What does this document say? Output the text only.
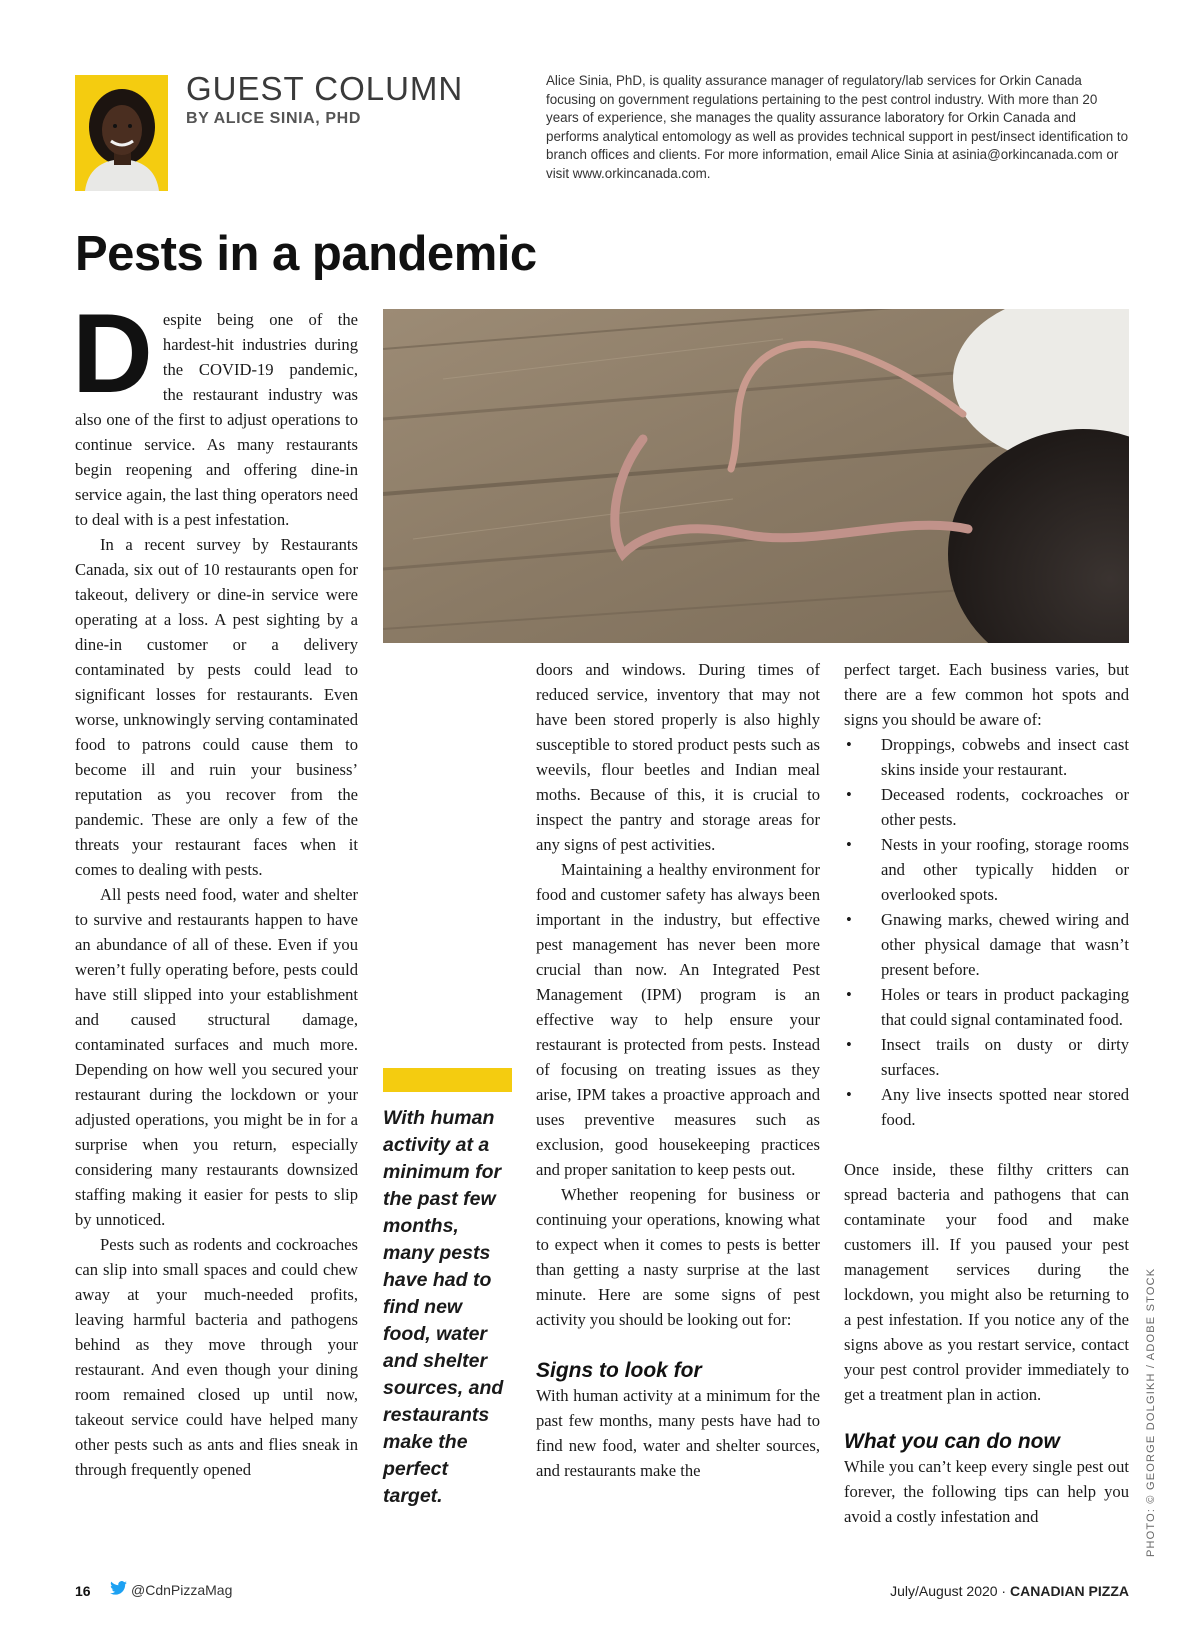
GUEST COLUMN
BY ALICE SINIA, PHD
Alice Sinia, PhD, is quality assurance manager of regulatory/lab services for Orkin Canada focusing on government regulations pertaining to the pest control industry. With more than 20 years of experience, she manages the quality assurance laboratory for Orkin Canada and performs analytical entomology as well as provides technical support in pest/insect identification to branch offices and clients. For more information, email Alice Sinia at asinia@orkincanada.com or visit www.orkincanada.com.
Pests in a pandemic

Despite being one of the hardest-hit industries during the COVID-19 pandemic, the restaurant industry was also one of the first to adjust operations to continue service. As many restaurants begin reopening and offering dine-in service again, the last thing operators need to deal with is a pest infestation.

In a recent survey by Restaurants Canada, six out of 10 restaurants open for takeout, delivery or dine-in service were operating at a loss. A pest sighting by a dine-in customer or a delivery contaminated by pests could lead to significant losses for restaurants. Even worse, unknowingly serving contaminated food to patrons could cause them to become ill and ruin your business’ reputation as you recover from the pandemic. These are only a few of the threats your restaurant faces when it comes to dealing with pests.

All pests need food, water and shelter to survive and restaurants happen to have an abundance of all of these. Even if you weren’t fully operating before, pests could have still slipped into your establishment and caused structural damage, contaminated surfaces and much more. Depending on how well you secured your restaurant during the lockdown or your adjusted operations, you might be in for a surprise when you return, especially considering many restaurants downsized staffing making it easier for pests to slip by unnoticed.

Pests such as rodents and cockroaches can slip into small spaces and could chew away at your much-needed profits, leaving harmful bacteria and pathogens behind as they move through your restaurant. And even though your dining room remained closed up until now, takeout service could have helped many other pests such as ants and flies sneak in through frequently opened

With human activity at a minimum for the past few months, many pests have had to find new food, water and shelter sources, and restaurants make the perfect target.

doors and windows. During times of reduced service, inventory that may not have been stored properly is also highly susceptible to stored product pests such as weevils, flour beetles and Indian meal moths. Because of this, it is crucial to inspect the pantry and storage areas for any signs of pest activities.

Maintaining a healthy environment for food and customer safety has always been important in the industry, but effective pest management has never been more crucial than now. An Integrated Pest Management (IPM) program is an effective way to help ensure your restaurant is protected from pests. Instead of focusing on treating issues as they arise, IPM takes a proactive approach and uses preventive measures such as exclusion, good housekeeping practices and proper sanitation to keep pests out.

Whether reopening for business or continuing your operations, knowing what to expect when it comes to pests is better than getting a nasty surprise at the last minute. Here are some signs of pest activity you should be looking out for:

Signs to look for

With human activity at a minimum for the past few months, many pests have had to find new food, water and shelter sources, and restaurants make the

perfect target. Each business varies, but there are a few common hot spots and signs you should be aware of:

• Droppings, cobwebs and insect cast skins inside your restaurant.
• Deceased rodents, cockroaches or other pests.
• Nests in your roofing, storage rooms and other typically hidden or overlooked spots.
• Gnawing marks, chewed wiring and other physical damage that wasn’t present before.
• Holes or tears in product packaging that could signal contaminated food.
• Insect trails on dusty or dirty surfaces.
• Any live insects spotted near stored food.

Once inside, these filthy critters can spread bacteria and pathogens that can contaminate your food and make customers ill. If you paused your pest management services during the lockdown, you might also be returning to a pest infestation. If you notice any of the signs above as you restart service, contact your pest control provider immediately to get a treatment plan in action.

What you can do now

While you can’t keep every single pest out forever, the following tips can help you avoid a costly infestation and	PHOTO: © GEORGE DOLGIKH / ADOBE STOCK
16	@CdnPizzaMag	July/August 2020 · CANADIAN PIZZA
